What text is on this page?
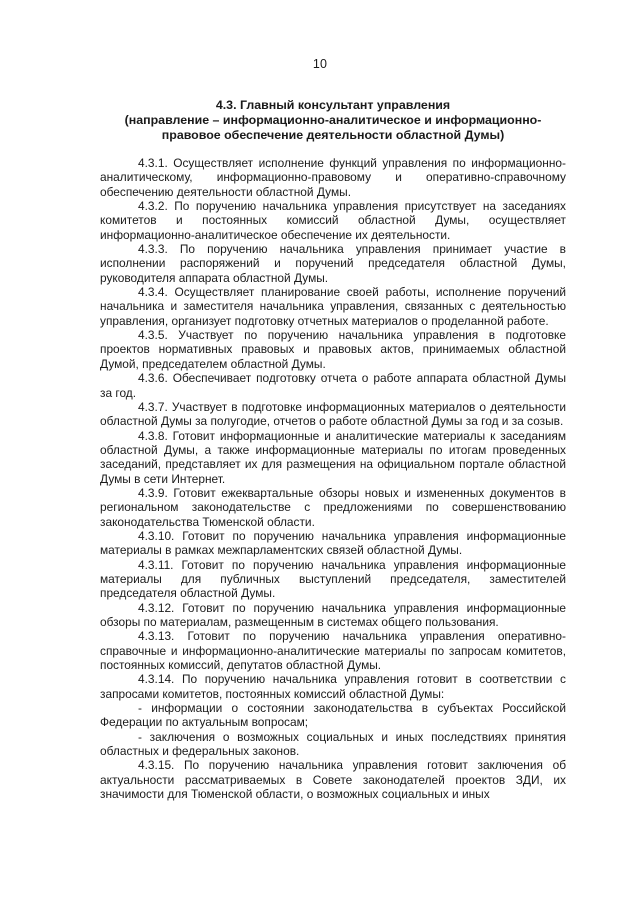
10
4.3. Главный консультант управления
(направление – информационно-аналитическое и информационно-
правовое обеспечение деятельности областной Думы)

4.3.1. Осуществляет исполнение функций управления по информационно-аналитическому, информационно-правовому и оперативно-справочному обеспечению деятельности областной Думы.

4.3.2. По поручению начальника управления присутствует на заседаниях комитетов и постоянных комиссий областной Думы, осуществляет информационно-аналитическое обеспечение их деятельности.

4.3.3. По поручению начальника управления принимает участие в исполнении распоряжений и поручений председателя областной Думы, руководителя аппарата областной Думы.

4.3.4. Осуществляет планирование своей работы, исполнение поручений начальника и заместителя начальника управления, связанных с деятельностью управления, организует подготовку отчетных материалов о проделанной работе.

4.3.5. Участвует по поручению начальника управления в подготовке проектов нормативных правовых и правовых актов, принимаемых областной Думой, председателем областной Думы.

4.3.6. Обеспечивает подготовку отчета о работе аппарата областной Думы за год.

4.3.7. Участвует в подготовке информационных материалов о деятельности областной Думы за полугодие, отчетов о работе областной Думы за год и за созыв.

4.3.8. Готовит информационные и аналитические материалы к заседаниям областной Думы, а также информационные материалы по итогам проведенных заседаний, представляет их для размещения на официальном портале областной Думы в сети Интернет.

4.3.9. Готовит ежеквартальные обзоры новых и измененных документов в региональном законодательстве с предложениями по совершенствованию законодательства Тюменской области.

4.3.10. Готовит по поручению начальника управления информационные материалы в рамках межпарламентских связей областной Думы.

4.3.11. Готовит по поручению начальника управления информационные материалы для публичных выступлений председателя, заместителей председателя областной Думы.

4.3.12. Готовит по поручению начальника управления информационные обзоры по материалам, размещенным в системах общего пользования.

4.3.13. Готовит по поручению начальника управления оперативно-справочные и информационно-аналитические материалы по запросам комитетов, постоянных комиссий, депутатов областной Думы.

4.3.14. По поручению начальника управления готовит в соответствии с запросами комитетов, постоянных комиссий областной Думы:

- информации о состоянии законодательства в субъектах Российской Федерации по актуальным вопросам;

- заключения о возможных социальных и иных последствиях принятия областных и федеральных законов.

4.3.15. По поручению начальника управления готовит заключения об актуальности рассматриваемых в Совете законодателей проектов ЗДИ, их значимости для Тюменской области, о возможных социальных и иных
